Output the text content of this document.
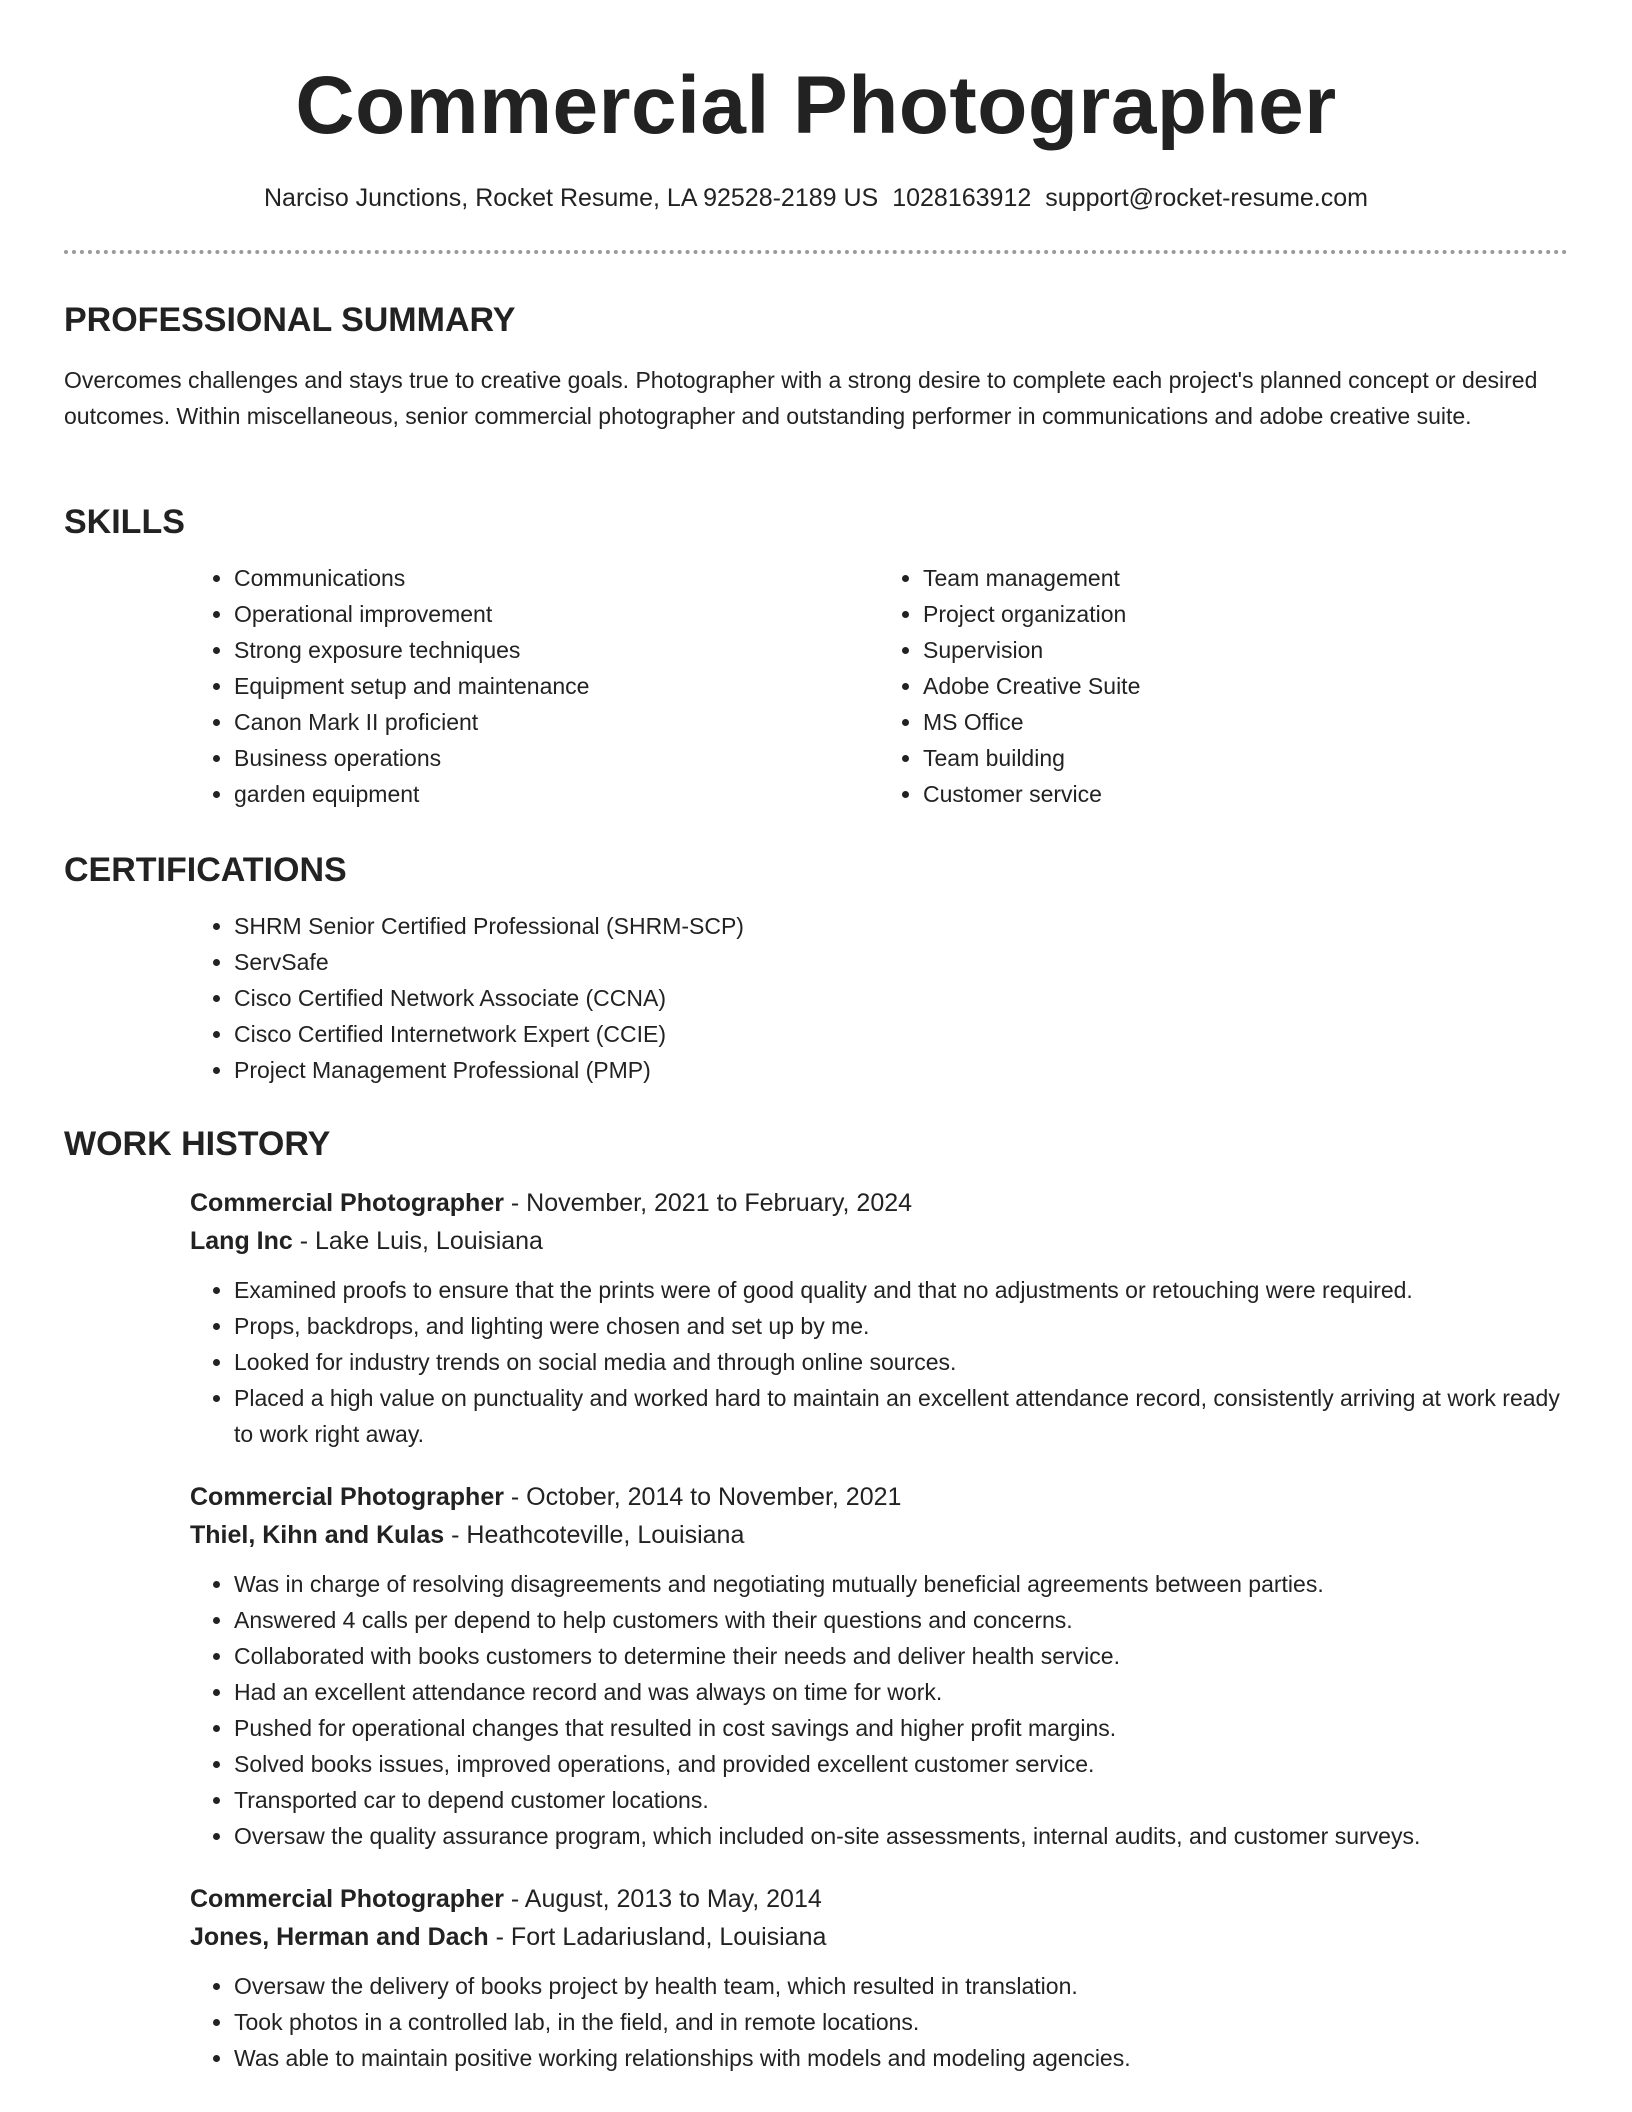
Commercial Photographer
Narciso Junctions, Rocket Resume, LA 92528-2189 US 1028163912 support@rocket-resume.com
PROFESSIONAL SUMMARY

Overcomes challenges and stays true to creative goals. Photographer with a strong desire to complete each project's planned concept or desired outcomes. Within miscellaneous, senior commercial photographer and outstanding performer in communications and adobe creative suite.

SKILLS
• Communications
• Operational improvement
• Strong exposure techniques
• Equipment setup and maintenance
• Canon Mark II proficient
• Business operations
• garden equipment
• Team management
• Project organization
• Supervision
• Adobe Creative Suite
• MS Office
• Team building
• Customer service
CERTIFICATIONS
• SHRM Senior Certified Professional (SHRM-SCP)
• ServSafe
• Cisco Certified Network Associate (CCNA)
• Cisco Certified Internetwork Expert (CCIE)
• Project Management Professional (PMP)
WORK HISTORY
Commercial Photographer - November, 2021 to February, 2024
Lang Inc - Lake Luis, Louisiana
• Examined proofs to ensure that the prints were of good quality and that no adjustments or retouching were required.
• Props, backdrops, and lighting were chosen and set up by me.
• Looked for industry trends on social media and through online sources.
• Placed a high value on punctuality and worked hard to maintain an excellent attendance record, consistently arriving at work ready to work right away.
Commercial Photographer - October, 2014 to November, 2021
Thiel, Kihn and Kulas - Heathcoteville, Louisiana
• Was in charge of resolving disagreements and negotiating mutually beneficial agreements between parties.
• Answered 4 calls per depend to help customers with their questions and concerns.
• Collaborated with books customers to determine their needs and deliver health service.
• Had an excellent attendance record and was always on time for work.
• Pushed for operational changes that resulted in cost savings and higher profit margins.
• Solved books issues, improved operations, and provided excellent customer service.
• Transported car to depend customer locations.
• Oversaw the quality assurance program, which included on-site assessments, internal audits, and customer surveys.
Commercial Photographer - August, 2013 to May, 2014
Jones, Herman and Dach - Fort Ladariusland, Louisiana
• Oversaw the delivery of books project by health team, which resulted in translation.
• Took photos in a controlled lab, in the field, and in remote locations.
• Was able to maintain positive working relationships with models and modeling agencies.
